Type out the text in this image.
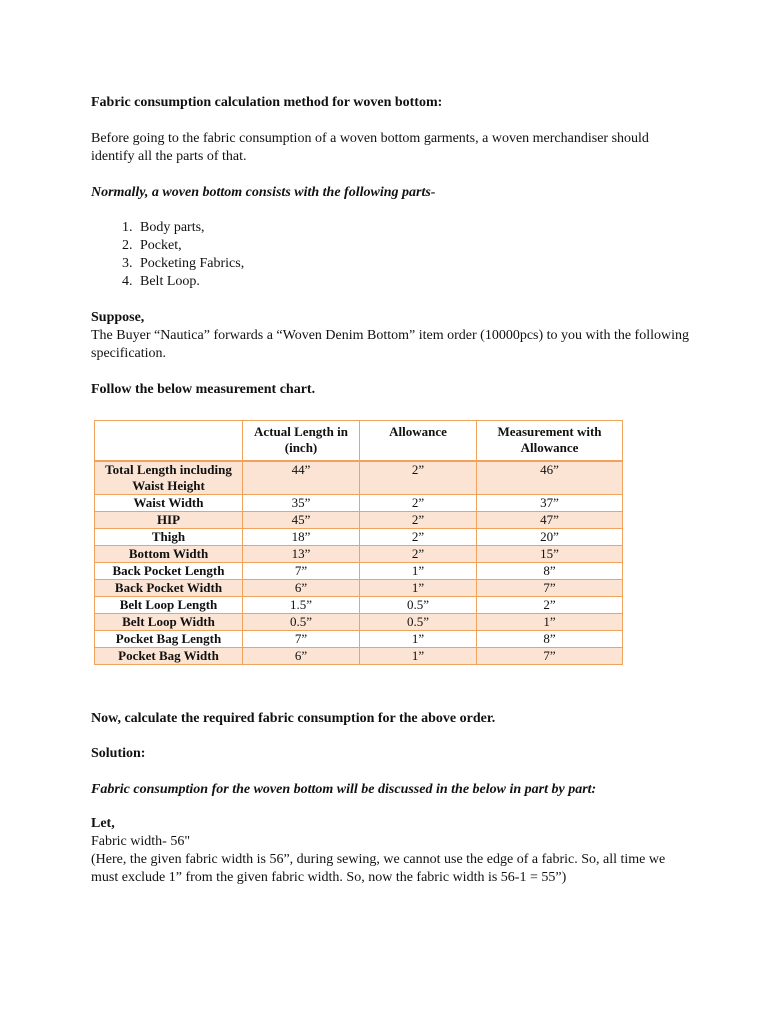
Fabric consumption calculation method for woven bottom:

Before going to the fabric consumption of a woven bottom garments, a woven merchandiser should identify all the parts of that.

Normally, a woven bottom consists with the following parts-

1. Body parts,
2. Pocket,
3. Pocketing Fabrics,
4. Belt Loop.

Suppose,

The Buyer “Nautica” forwards a “Woven Denim Bottom” item order (10000pcs) to you with the following specification.

Follow the below measurement chart.

	Actual Length in (inch)	Allowance	Measurement with Allowance
Total Length including Waist Height	44”	2”	46”
Waist Width	35”	2”	37”
HIP	45”	2”	47”
Thigh	18”	2”	20”
Bottom Width	13”	2”	15”
Back Pocket Length	7”	1”	8”
Back Pocket Width	6”	1”	7”
Belt Loop Length	1.5”	0.5”	2”
Belt Loop Width	0.5”	0.5”	1”
Pocket Bag Length	7”	1”	8”
Pocket Bag Width	6”	1”	7”

Now, calculate the required fabric consumption for the above order.

Solution:

Fabric consumption for the woven bottom will be discussed in the below in part by part:

Let,

Fabric width- 56"

(Here, the given fabric width is 56”, during sewing, we cannot use the edge of a fabric. So, all time we must exclude 1” from the given fabric width. So, now the fabric width is 56-1 = 55”)
